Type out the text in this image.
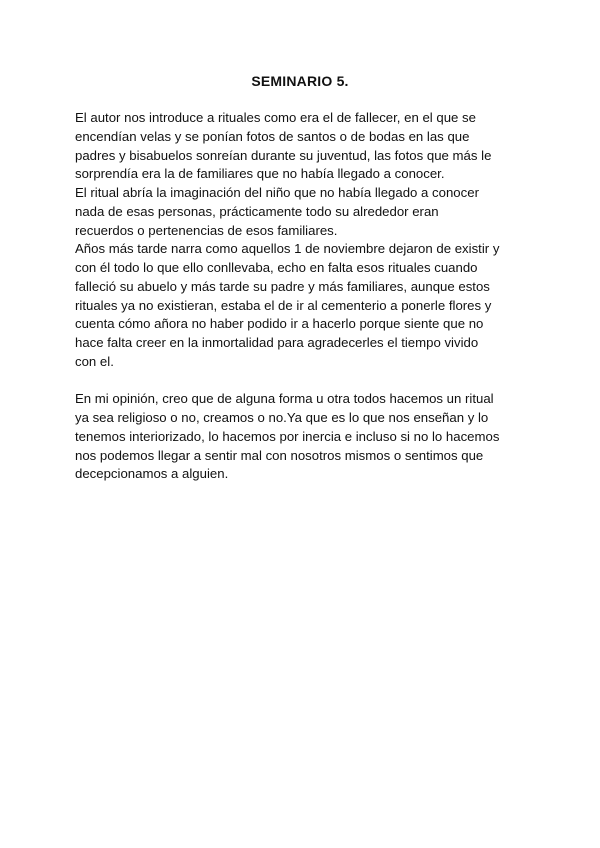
SEMINARIO 5.
El autor nos introduce a rituales como era el de fallecer, en el que se
encendían velas y se ponían fotos de santos o de bodas en las que
padres y bisabuelos sonreían durante su juventud, las fotos que más le
sorprendía era la de familiares que no había llegado a conocer.
El ritual abría la imaginación del niño que no había llegado a conocer
nada de esas personas, prácticamente todo su alrededor eran
recuerdos o pertenencias de esos familiares.
Años más tarde narra como aquellos 1 de noviembre dejaron de existir y
con él todo lo que ello conllevaba, echo en falta esos rituales cuando
falleció su abuelo y más tarde su padre y más familiares, aunque estos
rituales ya no existieran, estaba el de ir al cementerio a ponerle flores y
cuenta cómo añora no haber podido ir a hacerlo porque siente que no
hace falta creer en la inmortalidad para agradecerles el tiempo vivido
con el.
En mi opinión, creo que de alguna forma u otra todos hacemos un ritual
ya sea religioso o no, creamos o no.Ya que es lo que nos enseñan y lo
tenemos interiorizado, lo hacemos por inercia e incluso si no lo hacemos
nos podemos llegar a sentir mal con nosotros mismos o sentimos que
decepcionamos a alguien.
